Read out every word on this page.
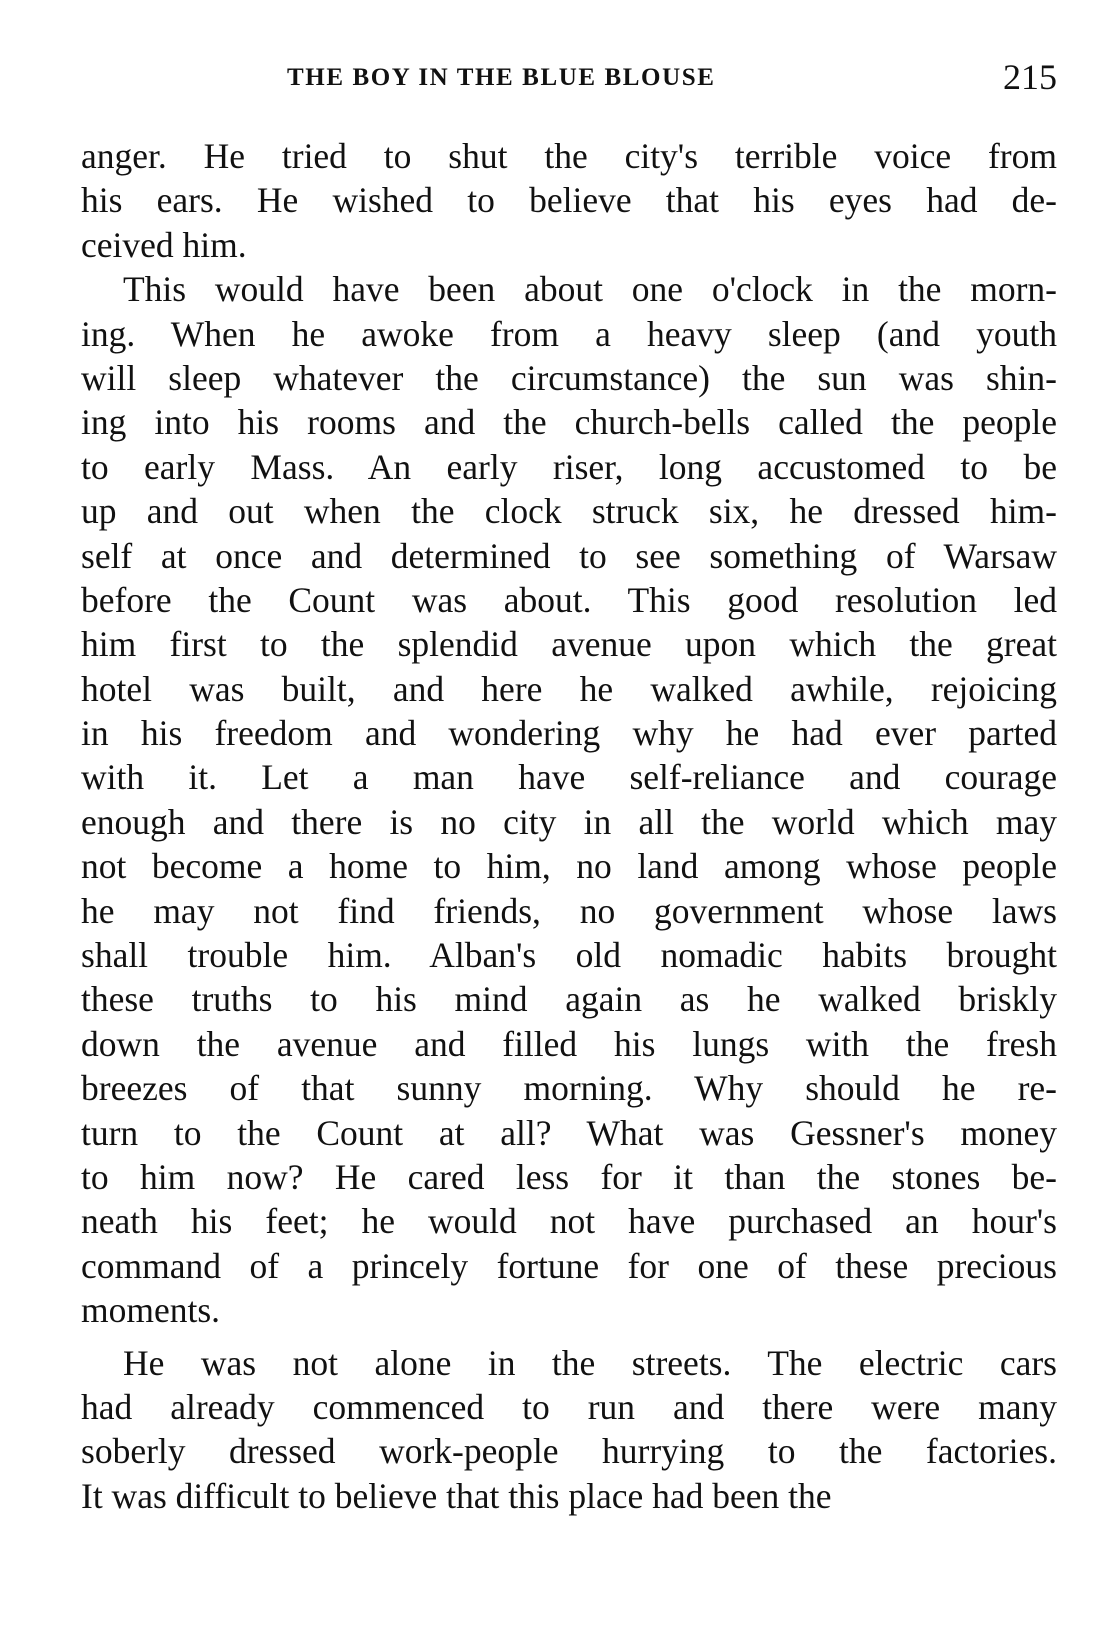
THE BOY IN THE BLUE BLOUSE	215
anger. He tried to shut the city's terrible voice from
his ears. He wished to believe that his eyes had de-
ceived him.
This would have been about one o'clock in the morn-
ing. When he awoke from a heavy sleep (and youth
will sleep whatever the circumstance) the sun was shin-
ing into his rooms and the church-bells called the people
to early Mass. An early riser, long accustomed to be
up and out when the clock struck six, he dressed him-
self at once and determined to see something of Warsaw
before the Count was about. This good resolution led
him first to the splendid avenue upon which the great
hotel was built, and here he walked awhile, rejoicing
in his freedom and wondering why he had ever parted
with it. Let a man have self-reliance and courage
enough and there is no city in all the world which may
not become a home to him, no land among whose people
he may not find friends, no government whose laws
shall trouble him. Alban's old nomadic habits brought
these truths to his mind again as he walked briskly
down the avenue and filled his lungs with the fresh
breezes of that sunny morning. Why should he re-
turn to the Count at all? What was Gessner's money
to him now? He cared less for it than the stones be-
neath his feet; he would not have purchased an hour's
command of a princely fortune for one of these precious
moments.
He was not alone in the streets. The electric cars
had already commenced to run and there were many
soberly dressed work-people hurrying to the factories.
It was difficult to believe that this place had been the
